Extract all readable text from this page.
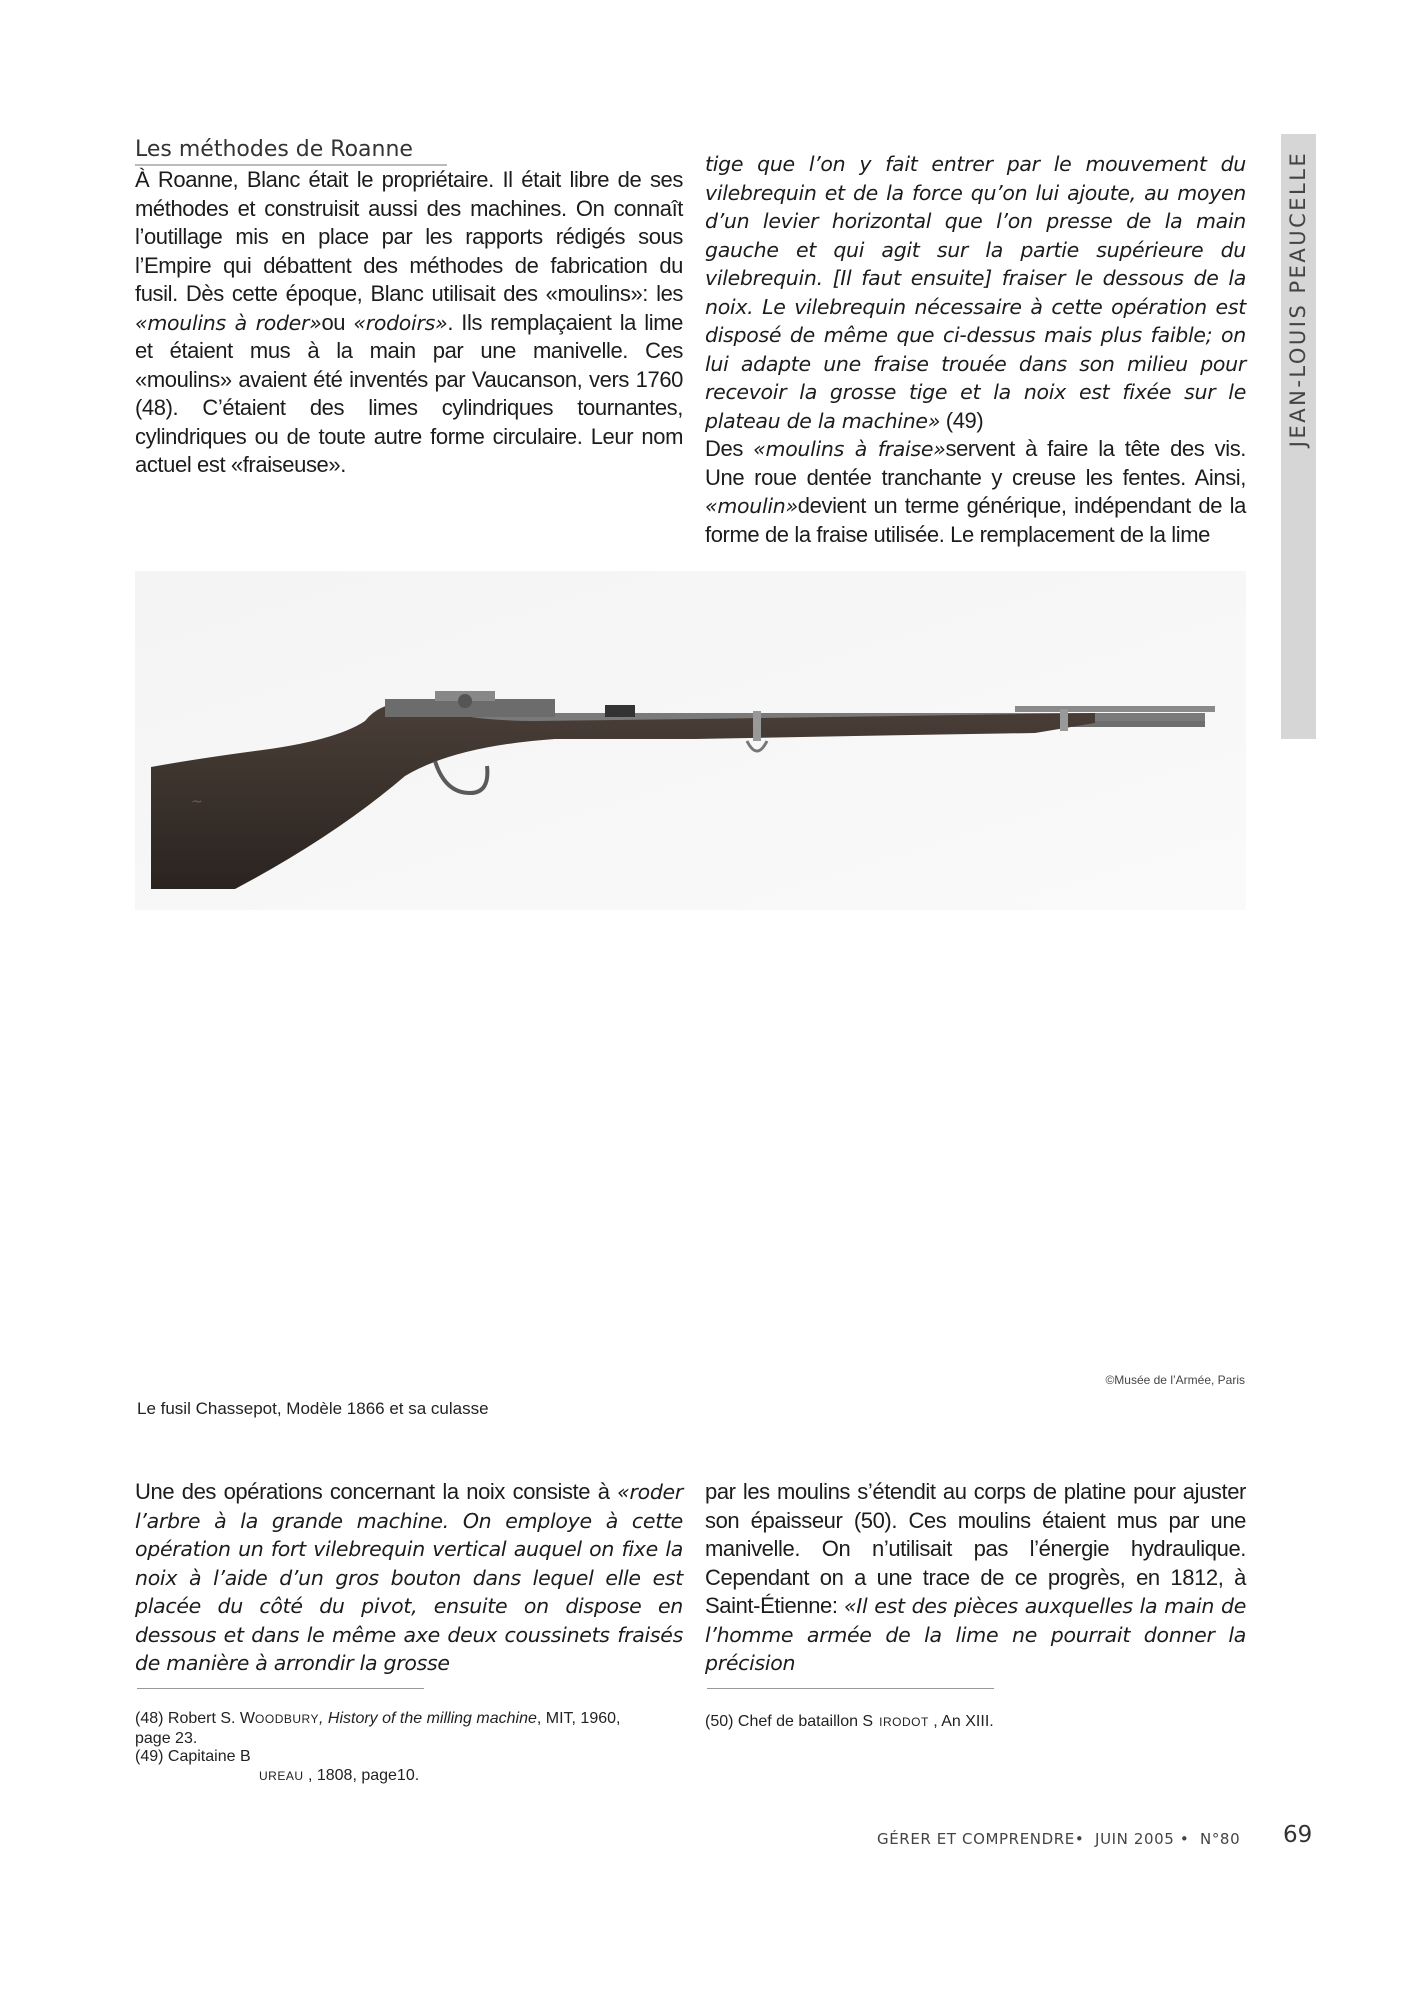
Les méthodes de Roanne

À Roanne, Blanc était le propriétaire. Il était libre de ses méthodes et construisit aussi des machines. On connaît l’outillage mis en place par les rapports rédigés sous l’Empire qui débattent des méthodes de fabrication du fusil. Dès cette époque, Blanc utilisait des «moulins»: les «moulins à roder»ou «rodoirs». Ils remplaçaient la lime et étaient mus à la main par une manivelle. Ces «moulins» avaient été inventés par Vaucanson, vers 1760 (48). C’étaient des limes cylindriques tournantes, cylindriques ou de toute autre forme circulaire. Leur nom actuel est «fraiseuse».

tige que l’on y fait entrer par le mouvement du vilebrequin et de la force qu’on lui ajoute, au moyen d’un levier horizontal que l’on presse de la main gauche et qui agit sur la partie supérieure du vilebrequin. [Il faut ensuite] fraiser le dessous de la noix. Le vilebrequin nécessaire à cette opération est disposé de même que ci-dessus mais plus faible; on lui adapte une fraise trouée dans son milieu pour recevoir la grosse tige et la noix est fixée sur le plateau de la machine» (49)

Des «moulins à fraise»servent à faire la tête des vis. Une roue dentée tranchante y creuse les fentes. Ainsi, «moulin»devient un terme générique, indépendant de la forme de la fraise utilisée. Le remplacement de la lime

JEAN-LOUIS PEAUCELLE
~
©Musée de l’Armée, Paris
Le fusil Chassepot, Modèle 1866 et sa culasse

Une des opérations concernant la noix consiste à «roder l’arbre à la grande machine. On employe à cette opération un fort vilebrequin vertical auquel on fixe la noix à l’aide d’un gros bouton dans lequel elle est placée du côté du pivot, ensuite on dispose en dessous et dans le même axe deux coussinets fraisés de manière à arrondir la grosse

par les moulins s’étendit au corps de platine pour ajuster son épaisseur (50). Ces moulins étaient mus par une manivelle. On n’utilisait pas l’énergie hydraulique. Cependant on a une trace de ce progrès, en 1812, à Saint-Étienne: «Il est des pièces auxquelles la main de l’homme armée de la lime ne pourrait donner la précision

(48) Robert S. WOODBURY, History of the milling machine, MIT, 1960,
page 23.
(49) Capitaine B
UREAU , 1808, page10.
(50) Chef de bataillon S IRODOT , An XIII.
GÉRER ET COMPRENDRE• JUIN 2005 • N°80 69
